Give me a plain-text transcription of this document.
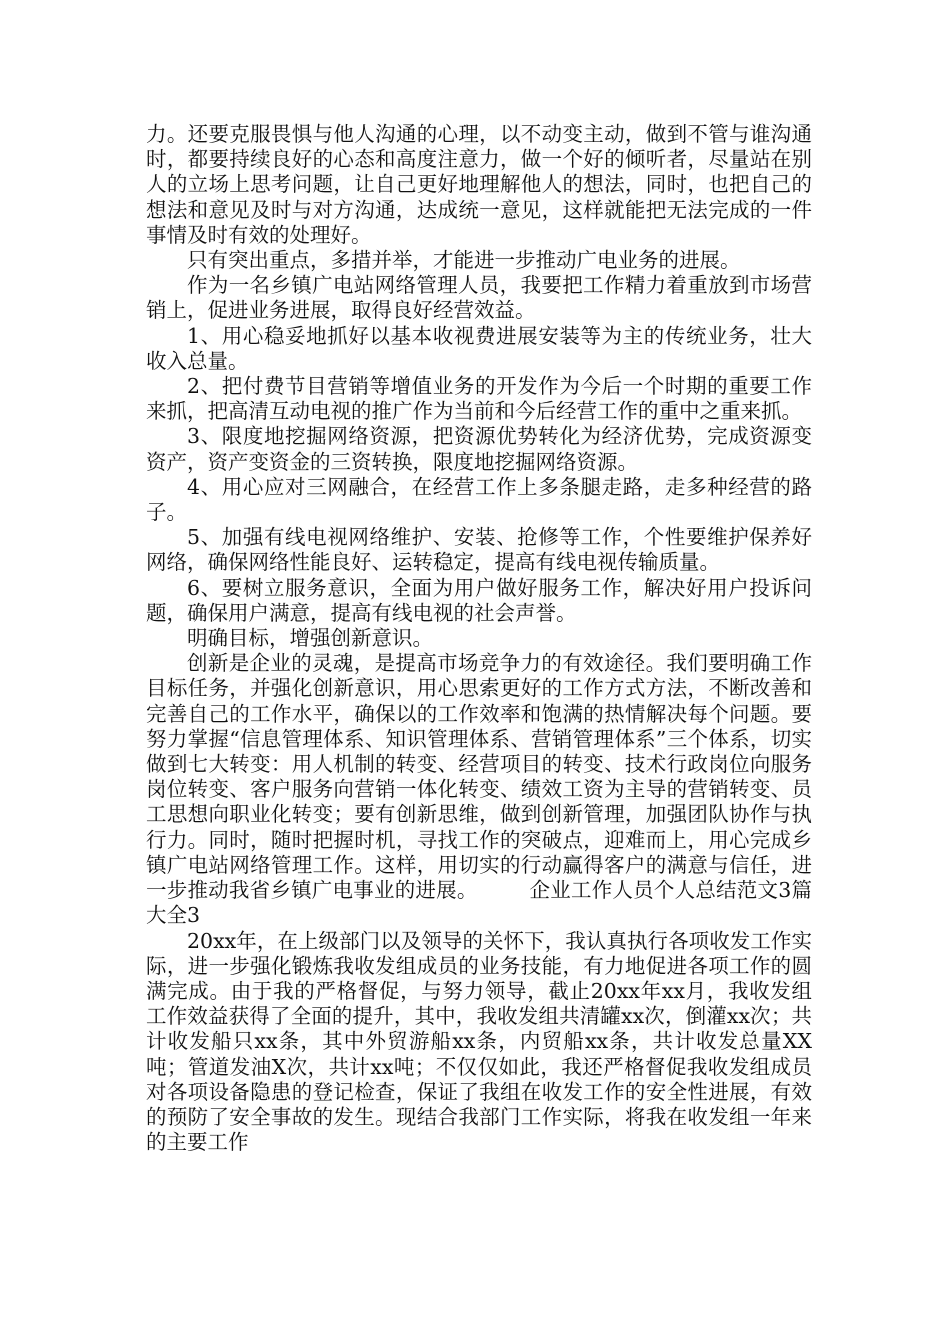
力。还要克服畏惧与他人沟通的心理，以不动变主动，做到不管与谁沟通时，都要持续良好的心态和高度注意力，做一个好的倾听者，尽量站在别人的立场上思考问题，让自己更好地理解他人的想法，同时，也把自己的想法和意见及时与对方沟通，达成统一意见，这样就能把无法完成的一件事情及时有效的处理好。

只有突出重点，多措并举，才能进一步推动广电业务的进展。

作为一名乡镇广电站网络管理人员，我要把工作精力着重放到市场营销上，促进业务进展，取得良好经营效益。

1、用心稳妥地抓好以基本收视费进展安装等为主的传统业务，壮大收入总量。

2、把付费节目营销等增值业务的开发作为今后一个时期的重要工作来抓，把高清互动电视的推广作为当前和今后经营工作的重中之重来抓。

3、限度地挖掘网络资源，把资源优势转化为经济优势，完成资源变资产，资产变资金的三资转换，限度地挖掘网络资源。

4、用心应对三网融合，在经营工作上多条腿走路，走多种经营的路子。

5、加强有线电视网络维护、安装、抢修等工作，个性要维护保养好网络，确保网络性能良好、运转稳定，提高有线电视传输质量。

6、要树立服务意识，全面为用户做好服务工作，解决好用户投诉问题，确保用户满意，提高有线电视的社会声誉。

明确目标，增强创新意识。

创新是企业的灵魂，是提高市场竞争力的有效途径。我们要明确工作目标任务，并强化创新意识，用心思索更好的工作方式方法，不断改善和完善自己的工作水平，确保以的工作效率和饱满的热情解决每个问题。要努力掌握“信息管理体系、知识管理体系、营销管理体系”三个体系，切实做到七大转变：用人机制的转变、经营项目的转变、技术行政岗位向服务岗位转变、客户服务向营销一体化转变、绩效工资为主导的营销转变、员工思想向职业化转变；要有创新思维，做到创新管理，加强团队协作与执行力。同时，随时把握时机，寻找工作的突破点，迎难而上，用心完成乡镇广电站网络管理工作。这样，用切实的行动赢得客户的满意与信任，进一步推动我省乡镇广电事业的进展。　　　企业工作人员个人总结范文3篇大全3

20xx年，在上级部门以及领导的关怀下，我认真执行各项收发工作实际，进一步强化锻炼我收发组成员的业务技能，有力地促进各项工作的圆满完成。由于我的严格督促，与努力领导，截止20xx年xx月，我收发组工作效益获得了全面的提升，其中，我收发组共清罐xx次，倒灌xx次；共计收发船只xx条，其中外贸游船xx条，内贸船xx条，共计收发总量XX吨；管道发油X次，共计xx吨；不仅仅如此，我还严格督促我收发组成员对各项设备隐患的登记检查，保证了我组在收发工作的安全性进展，有效的预防了安全事故的发生。现结合我部门工作实际，将我在收发组一年来的主要工作
